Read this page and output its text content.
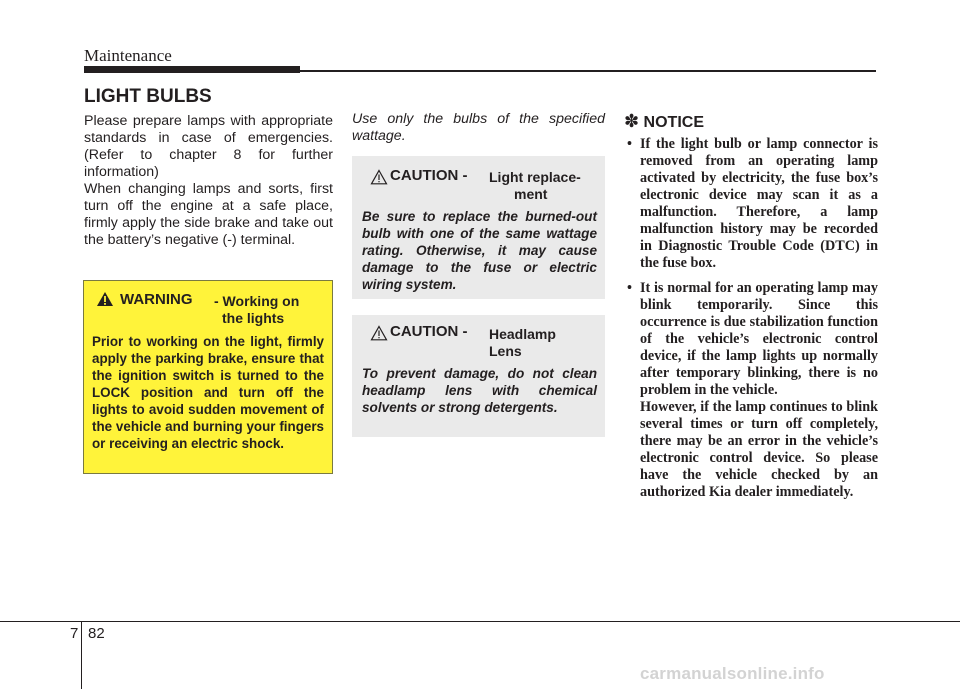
Maintenance
LIGHT BULBS
Please prepare lamps with appropriate standards in case of emergencies. (Refer to chapter 8 for further information)
When changing lamps and sorts, first turn off the engine at a safe place, firmly apply the side brake and take out the battery’s negative (-) terminal.
WARNING - Working on
the lights
Prior to working on the light, firmly apply the parking brake, ensure that the ignition switch is turned to the LOCK position and turn off the lights to avoid sudden movement of the vehicle and burning your fingers or receiving an electric shock.
Use only the bulbs of the specified wattage.
CAUTION - Light replace-
ment
Be sure to replace the burned-out bulb with one of the same wattage rating. Otherwise, it may cause damage to the fuse or electric wiring system.
CAUTION - Headlamp
Lens
To prevent damage, do not clean headlamp lens with chemical solvents or strong detergents.
✽ NOTICE
• If the light bulb or lamp connector is removed from an operating lamp activated by electricity, the fuse box’s electronic device may scan it as a malfunction. Therefore, a lamp malfunction history may be recorded in Diagnostic Trouble Code (DTC) in the fuse box.
• It is normal for an operating lamp may blink temporarily. Since this occurrence is due stabilization function of the vehicle’s electronic control device, if the lamp lights up normally after temporary blinking, there is no problem in the vehicle.
However, if the lamp continues to blink several times or turn off completely, there may be an error in the vehicle’s electronic control device. So please have the vehicle checked by an authorized Kia dealer immediately.
7 82
carmanualsonline.info
